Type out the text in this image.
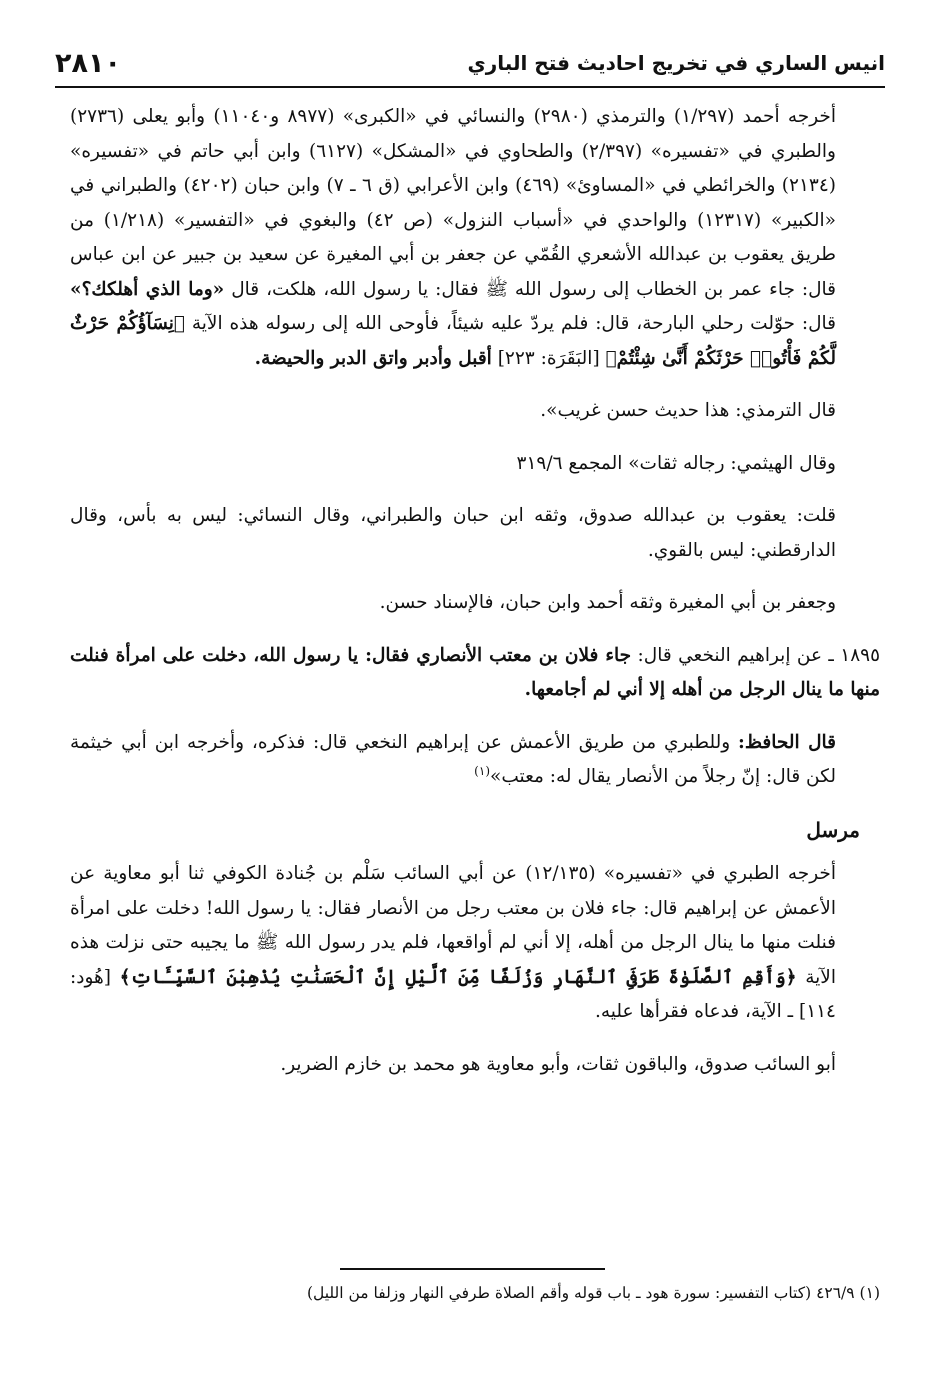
انيس الساري في تخريج احاديث فتح الباري
٢٨١٠

أخرجه أحمد (١/٢٩٧) والترمذي (٢٩٨٠) والنسائي في «الكبرى» (٨٩٧٧ و١١٠٤٠) وأبو يعلى (٢٧٣٦) والطبري في «تفسيره» (٢/٣٩٧) والطحاوي في «المشكل» (٦١٢٧) وابن أبي حاتم في «تفسيره» (٢١٣٤) والخرائطي في «المساوئ» (٤٦٩) وابن الأعرابي (ق ٦ ـ ٧) وابن حبان (٤٢٠٢) والطبراني في «الكبير» (١٢٣١٧) والواحدي في «أسباب النزول» (ص ٤٢) والبغوي في «التفسير» (١/٢١٨) من طريق يعقوب بن عبدالله الأشعري القُمّي عن جعفر بن أبي المغيرة عن سعيد بن جبير عن ابن عباس قال: جاء عمر بن الخطاب إلى رسول الله ﷺ فقال: يا رسول الله، هلكت، قال «وما الذي أهلكك؟» قال: حوّلت رحلي البارحة، قال: فلم يردّ عليه شيئاً، فأوحى الله إلى رسوله هذه الآية ﴿نِسَآؤُكُمْ حَرْثٌ لَّكُمْ فَأْتُوا۟ حَرْثَكُمْ أَنَّىٰ شِئْتُمْ﴾ [البَقَرَة: ٢٢٣] أقبل وأدبر واتق الدبر والحيضة.

قال الترمذي: هذا حديث حسن غريب».

وقال الهيثمي: رجاله ثقات» المجمع ٣١٩/٦

قلت: يعقوب بن عبدالله صدوق، وثقه ابن حبان والطبراني، وقال النسائي: ليس به بأس، وقال الدارقطني: ليس بالقوي.

وجعفر بن أبي المغيرة وثقه أحمد وابن حبان، فالإسناد حسن.

١٨٩٥ ـ عن إبراهيم النخعي قال: جاء فلان بن معتب الأنصاري فقال: يا رسول الله، دخلت على امرأة فنلت منها ما ينال الرجل من أهله إلا أني لم أجامعها.

قال الحافظ: وللطبري من طريق الأعمش عن إبراهيم النخعي قال: فذكره، وأخرجه ابن أبي خيثمة لكن قال: إنّ رجلاً من الأنصار يقال له: معتب»$^{(١)}$

مرسل

أخرجه الطبري في «تفسيره» (١٢/١٣٥) عن أبي السائب سَلْم بن جُنادة الكوفي ثنا أبو معاوية عن الأعمش عن إبراهيم قال: جاء فلان بن معتب رجل من الأنصار فقال: يا رسول الله! دخلت على امرأة فنلت منها ما ينال الرجل من أهله، إلا أني لم أواقعها، فلم يدر رسول الله ﷺ ما يجيبه حتى نزلت هذه الآية ﴿وَأَقِمِ ٱلصَّلَوٰةَ طَرَفَىِ ٱلنَّهَارِ وَزُلَفًا مِّنَ ٱلَّيْلِ إِنَّ ٱلْحَسَنَٰتِ يُذْهِبْنَ ٱلسَّيِّـَٔاتِ﴾ [هُود: ١١٤] ـ الآية، فدعاه فقرأها عليه.

أبو السائب صدوق، والباقون ثقات، وأبو معاوية هو محمد بن خازم الضرير.

(١) ٤٢٦/٩ (كتاب التفسير: سورة هود ـ باب قوله وأقم الصلاة طرفي النهار وزلفا من الليل)
